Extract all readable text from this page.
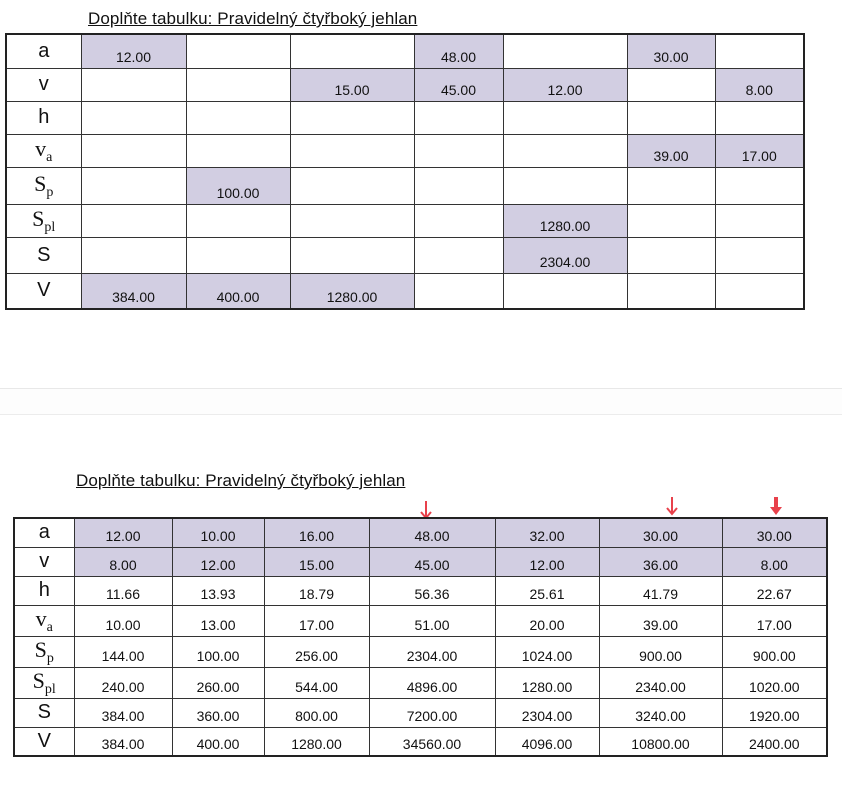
Doplňte tabulku: Pravidelný čtyřboký jehlan
a	12.00			48.00		30.00	
v			15.00	45.00	12.00		8.00
h							
$v_a$						39.00	17.00
$S_p$		100.00					
$S_{pl}$					1280.00		
S					2304.00		
V	384.00	400.00	1280.00				
Doplňte tabulku: Pravidelný čtyřboký jehlan
a	12.00	10.00	16.00	48.00	32.00	30.00	30.00
v	8.00	12.00	15.00	45.00	12.00	36.00	8.00
h	11.66	13.93	18.79	56.36	25.61	41.79	22.67
$v_a$	10.00	13.00	17.00	51.00	20.00	39.00	17.00
$S_p$	144.00	100.00	256.00	2304.00	1024.00	900.00	900.00
$S_{pl}$	240.00	260.00	544.00	4896.00	1280.00	2340.00	1020.00
S	384.00	360.00	800.00	7200.00	2304.00	3240.00	1920.00
V	384.00	400.00	1280.00	34560.00	4096.00	10800.00	2400.00
